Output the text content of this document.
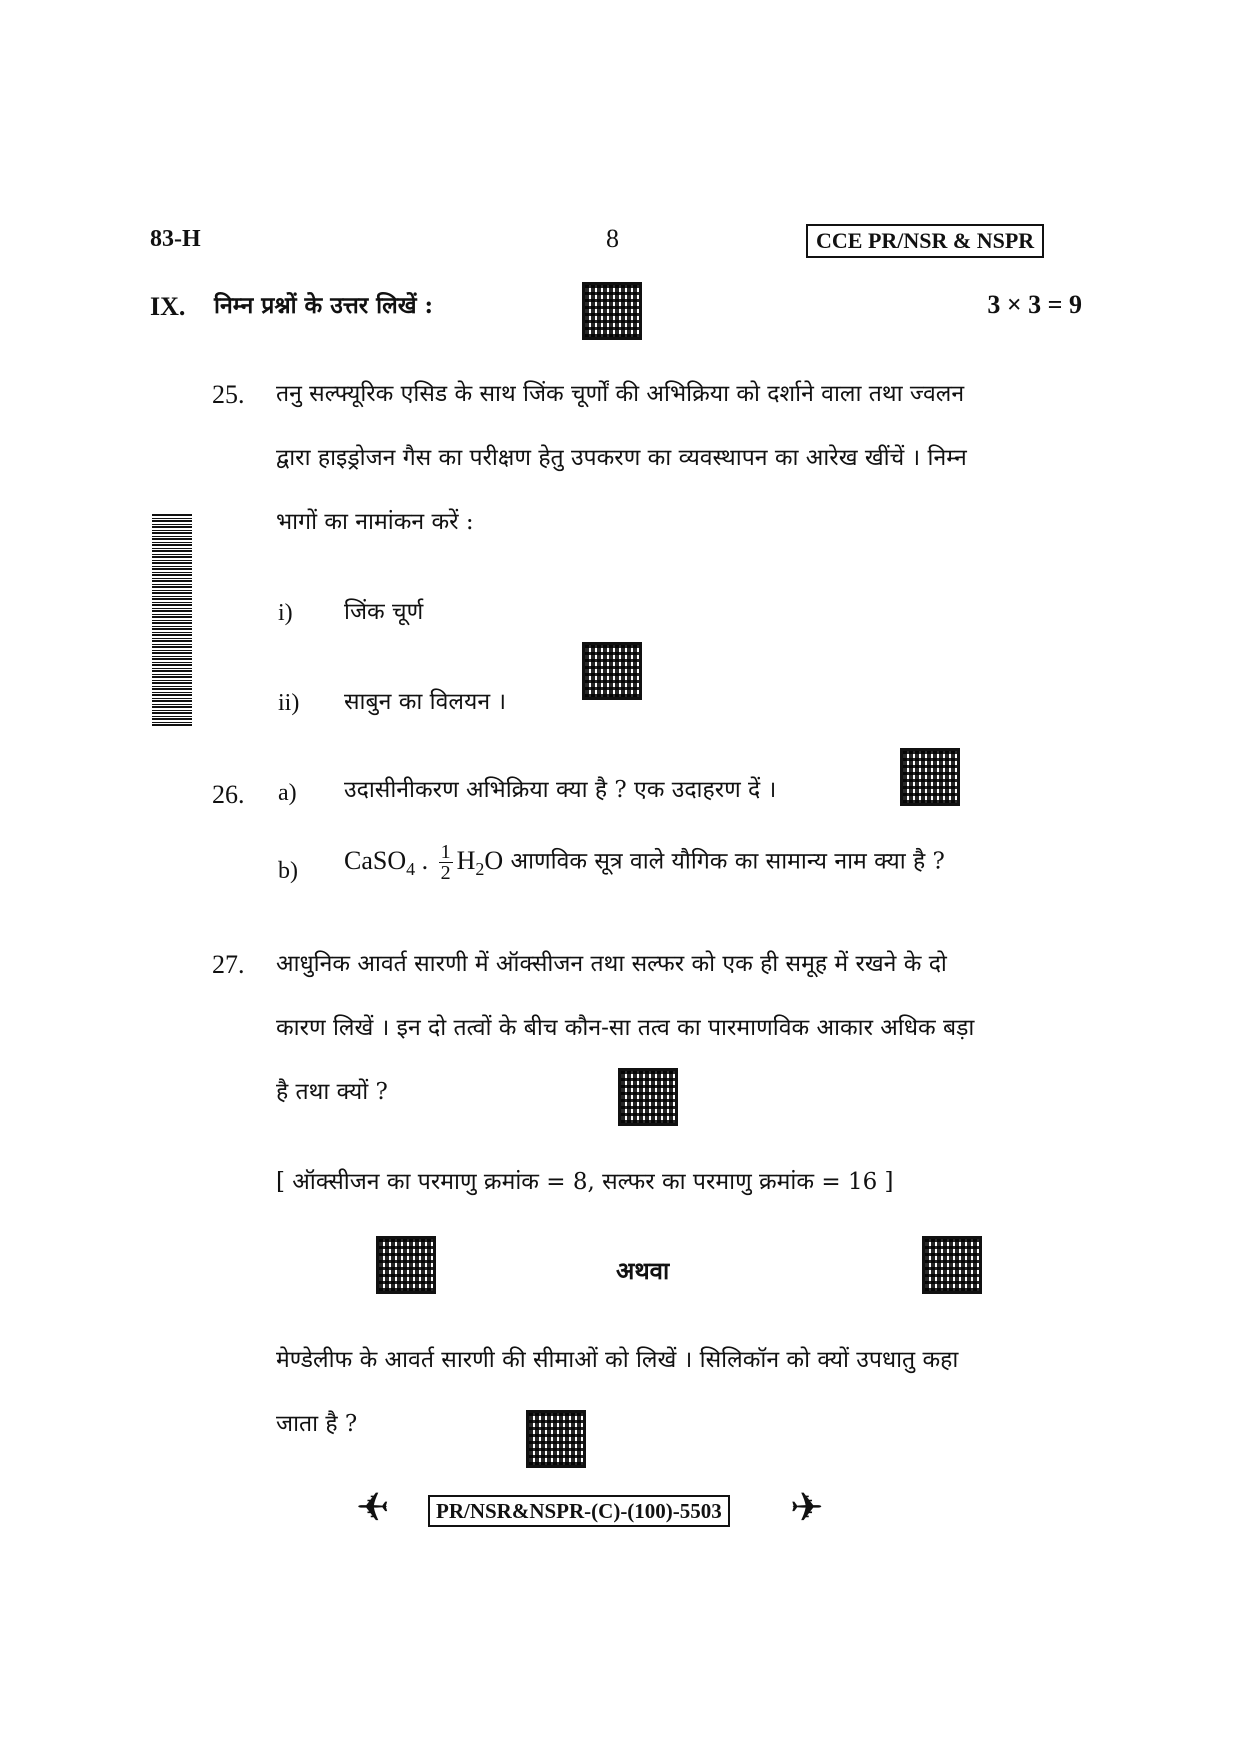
83-H	8	CCE PR/NSR & NSPR
IX. निम्न प्रश्नों के उत्तर लिखें :	3 × 3 = 9
25. तनु सल्फ्यूरिक एसिड के साथ जिंक चूर्णों की अभिक्रिया को दर्शाने वाला तथा ज्वलन
द्वारा हाइड्रोजन गैस का परीक्षण हेतु उपकरण का व्यवस्थापन का आरेख खींचें । निम्न
भागों का नामांकन करें :
i) जिंक चूर्ण
ii) साबुन का विलयन ।
26. a) उदासीनीकरण अभिक्रिया क्या है ? एक उदाहरण दें ।
b) CaSO$_4$ . $\frac{1}{2} H_2O$ आणविक सूत्र वाले यौगिक का सामान्य नाम क्या है ?
27. आधुनिक आवर्त सारणी में ऑक्सीजन तथा सल्फर को एक ही समूह में रखने के दो
कारण लिखें । इन दो तत्वों के बीच कौन-सा तत्व का पारमाणविक आकार अधिक बड़ा
है तथा क्यों ?
[ ऑक्सीजन का परमाणु क्रमांक = 8, सल्फर का परमाणु क्रमांक = 16 ]
अथवा
मेण्डेलीफ के आवर्त सारणी की सीमाओं को लिखें । सिलिकॉन को क्यों उपधातु कहा
जाता है ?
✈	PR/NSR&NSPR-(C)-(100)-5503 ✈
